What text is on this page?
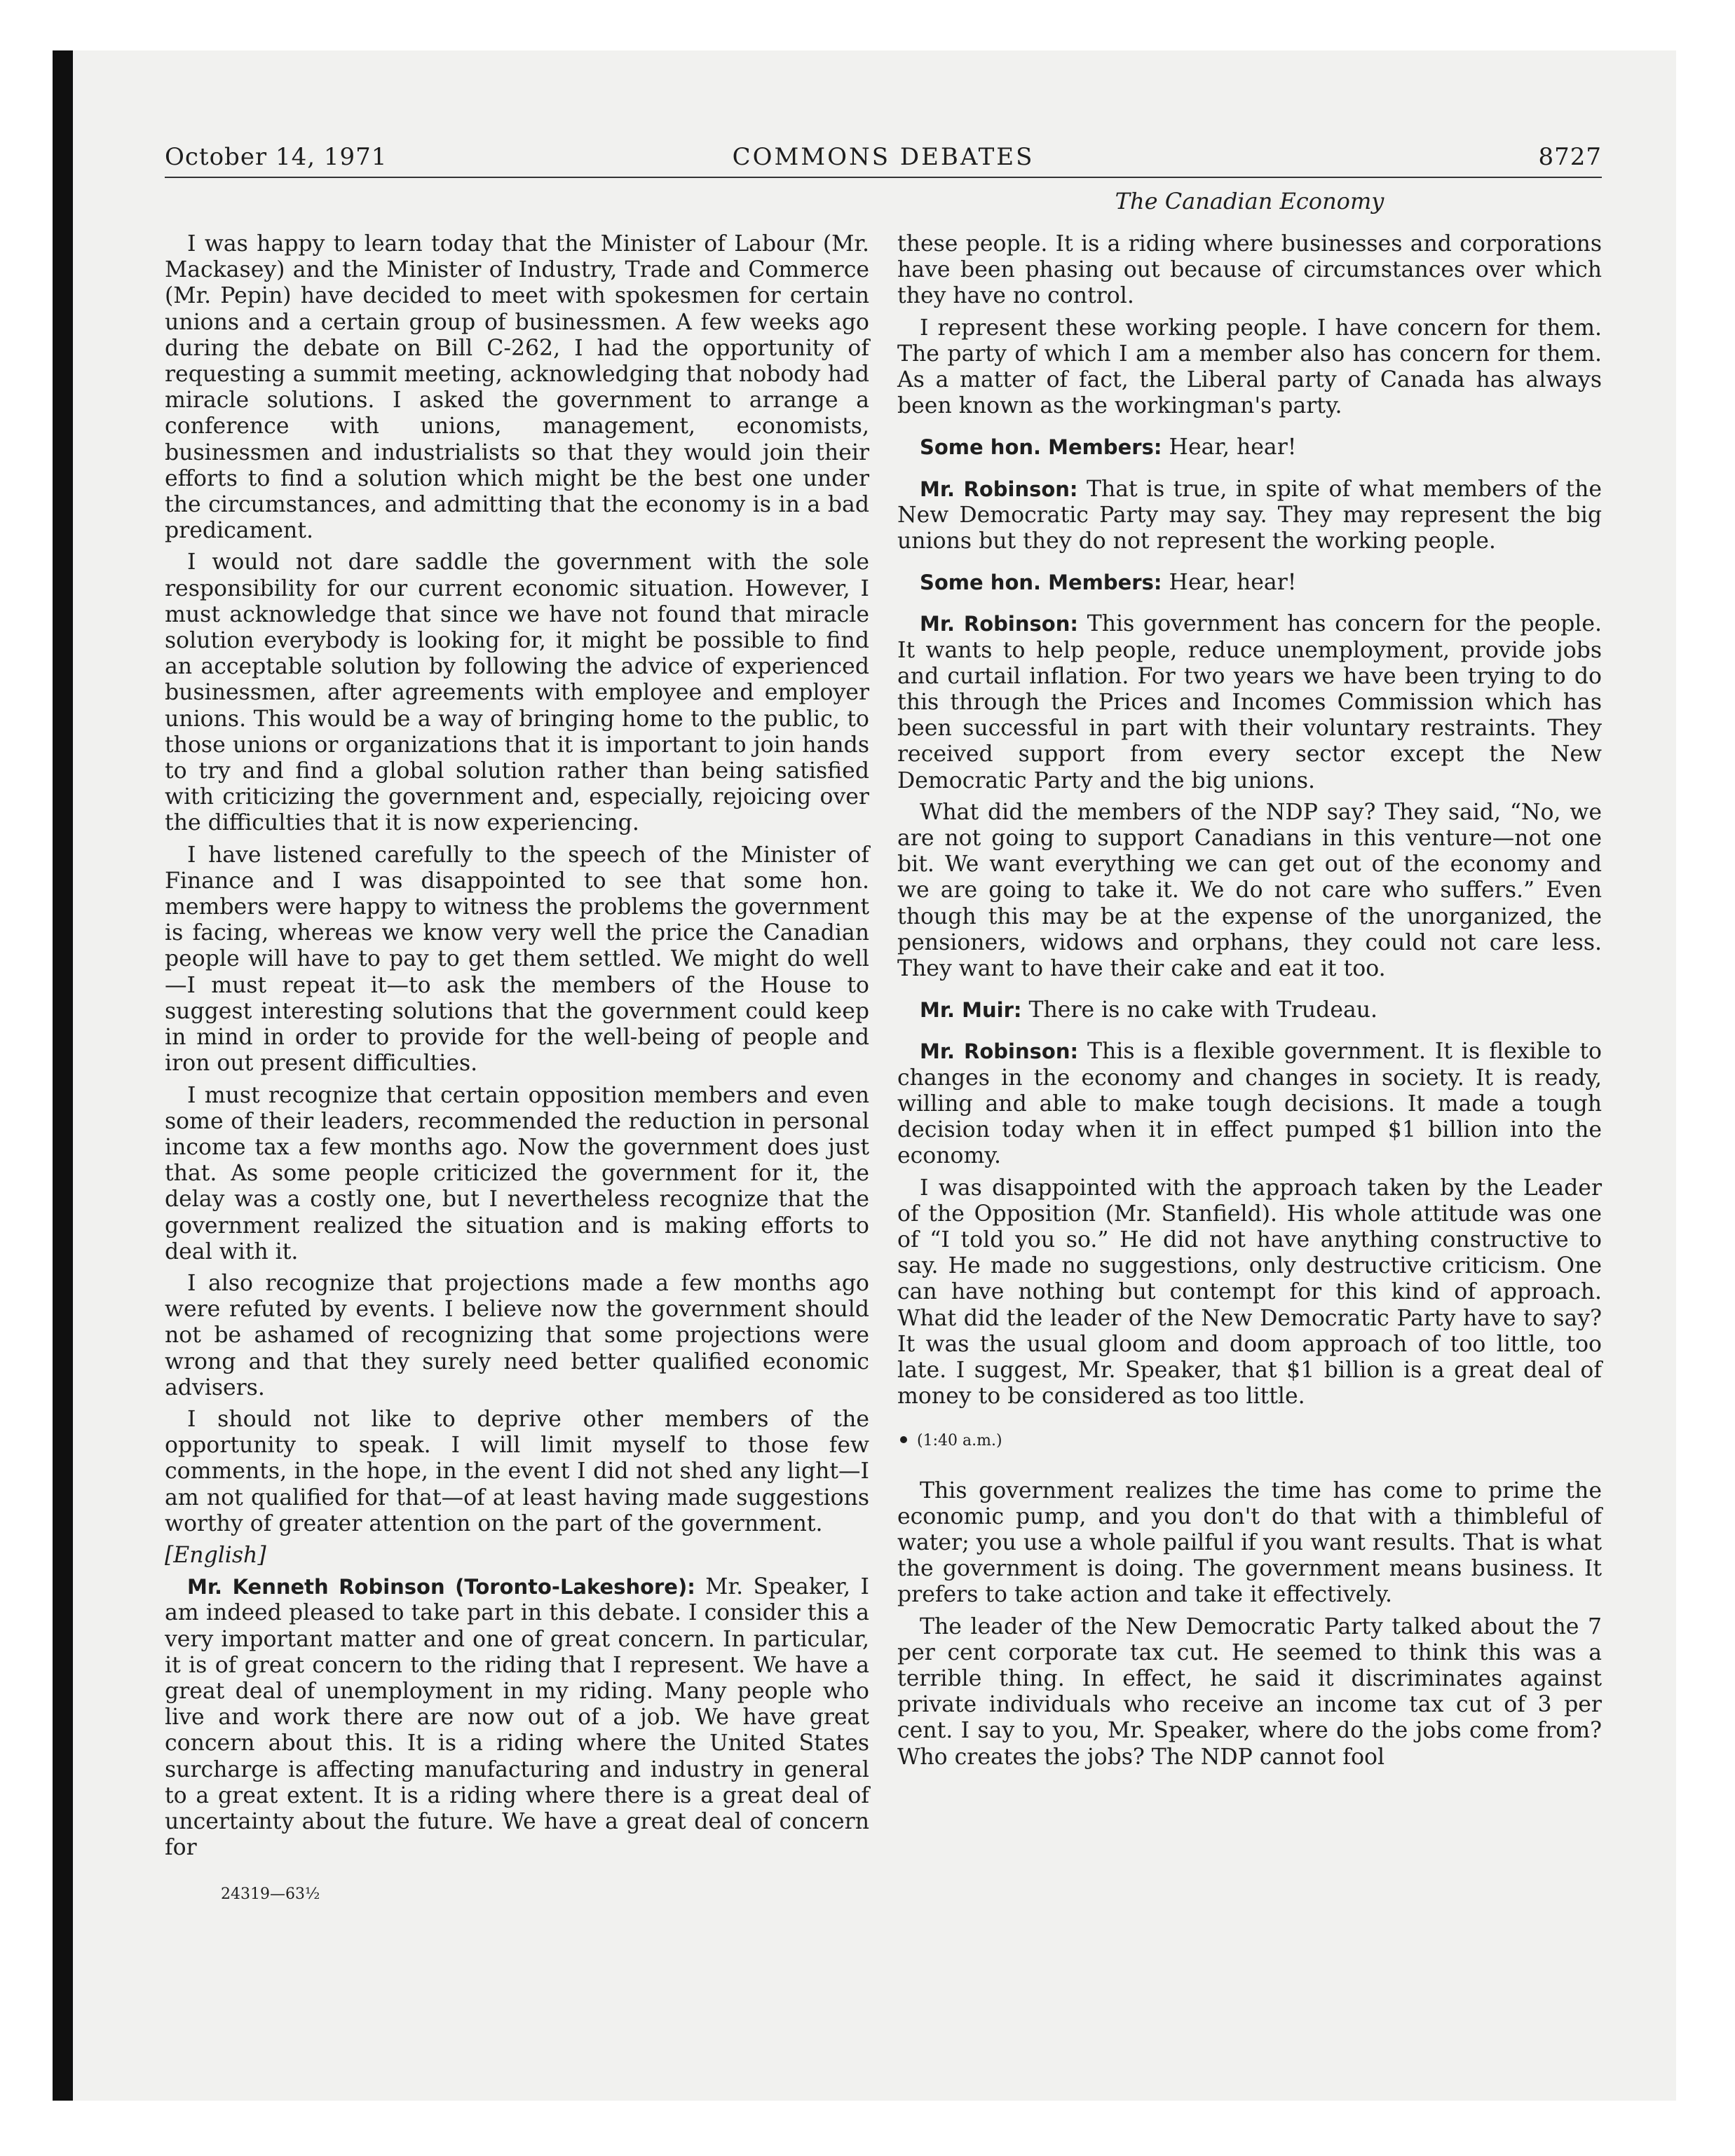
October 14, 1971	COMMONS DEBATES	8727
The Canadian Economy

I was happy to learn today that the Minister of Labour (Mr. Mackasey) and the Minister of Industry, Trade and Commerce (Mr. Pepin) have decided to meet with spokesmen for certain unions and a certain group of businessmen. A few weeks ago during the debate on Bill C-262, I had the opportunity of requesting a summit meeting, acknowledging that nobody had miracle solutions. I asked the government to arrange a conference with unions, management, economists, businessmen and industrialists so that they would join their efforts to find a solution which might be the best one under the circumstances, and admitting that the economy is in a bad predicament.

I would not dare saddle the government with the sole responsibility for our current economic situation. However, I must acknowledge that since we have not found that miracle solution everybody is looking for, it might be possible to find an acceptable solution by following the advice of experienced businessmen, after agreements with employee and employer unions. This would be a way of bringing home to the public, to those unions or organizations that it is important to join hands to try and find a global solution rather than being satisfied with criticizing the government and, especially, rejoicing over the difficulties that it is now experiencing.

I have listened carefully to the speech of the Minister of Finance and I was disappointed to see that some hon. members were happy to witness the problems the government is facing, whereas we know very well the price the Canadian people will have to pay to get them settled. We might do well—I must repeat it—to ask the members of the House to suggest interesting solutions that the government could keep in mind in order to provide for the well-being of people and iron out present difficulties.

I must recognize that certain opposition members and even some of their leaders, recommended the reduction in personal income tax a few months ago. Now the government does just that. As some people criticized the government for it, the delay was a costly one, but I nevertheless recognize that the government realized the situation and is making efforts to deal with it.

I also recognize that projections made a few months ago were refuted by events. I believe now the government should not be ashamed of recognizing that some projections were wrong and that they surely need better qualified economic advisers.

I should not like to deprive other members of the opportunity to speak. I will limit myself to those few comments, in the hope, in the event I did not shed any light—I am not qualified for that—of at least having made suggestions worthy of greater attention on the part of the government.

[English]

Mr. Kenneth Robinson (Toronto-Lakeshore): Mr. Speaker, I am indeed pleased to take part in this debate. I consider this a very important matter and one of great concern. In particular, it is of great concern to the riding that I represent. We have a great deal of unemployment in my riding. Many people who live and work there are now out of a job. We have great concern about this. It is a riding where the United States surcharge is affecting manufacturing and industry in general to a great extent. It is a riding where there is a great deal of uncertainty about the future. We have a great deal of concern for

these people. It is a riding where businesses and corporations have been phasing out because of circumstances over which they have no control.

I represent these working people. I have concern for them. The party of which I am a member also has concern for them. As a matter of fact, the Liberal party of Canada has always been known as the workingman's party.

Some hon. Members: Hear, hear!

Mr. Robinson: That is true, in spite of what members of the New Democratic Party may say. They may represent the big unions but they do not represent the working people.

Some hon. Members: Hear, hear!

Mr. Robinson: This government has concern for the people. It wants to help people, reduce unemployment, provide jobs and curtail inflation. For two years we have been trying to do this through the Prices and Incomes Commission which has been successful in part with their voluntary restraints. They received support from every sector except the New Democratic Party and the big unions.

What did the members of the NDP say? They said, “No, we are not going to support Canadians in this venture—not one bit. We want everything we can get out of the economy and we are going to take it. We do not care who suffers.” Even though this may be at the expense of the unorganized, the pensioners, widows and orphans, they could not care less. They want to have their cake and eat it too.

Mr. Muir: There is no cake with Trudeau.

Mr. Robinson: This is a flexible government. It is flexible to changes in the economy and changes in society. It is ready, willing and able to make tough decisions. It made a tough decision today when it in effect pumped $1 billion into the economy.

I was disappointed with the approach taken by the Leader of the Opposition (Mr. Stanfield). His whole attitude was one of “I told you so.” He did not have anything constructive to say. He made no suggestions, only destructive criticism. One can have nothing but contempt for this kind of approach. What did the leader of the New Democratic Party have to say? It was the usual gloom and doom approach of too little, too late. I suggest, Mr. Speaker, that $1 billion is a great deal of money to be considered as too little.

(1:40 a.m.)

This government realizes the time has come to prime the economic pump, and you don't do that with a thimbleful of water; you use a whole pailful if you want results. That is what the government is doing. The government means business. It prefers to take action and take it effectively.

The leader of the New Democratic Party talked about the 7 per cent corporate tax cut. He seemed to think this was a terrible thing. In effect, he said it discriminates against private individuals who receive an income tax cut of 3 per cent. I say to you, Mr. Speaker, where do the jobs come from? Who creates the jobs? The NDP cannot fool

24319—63½
